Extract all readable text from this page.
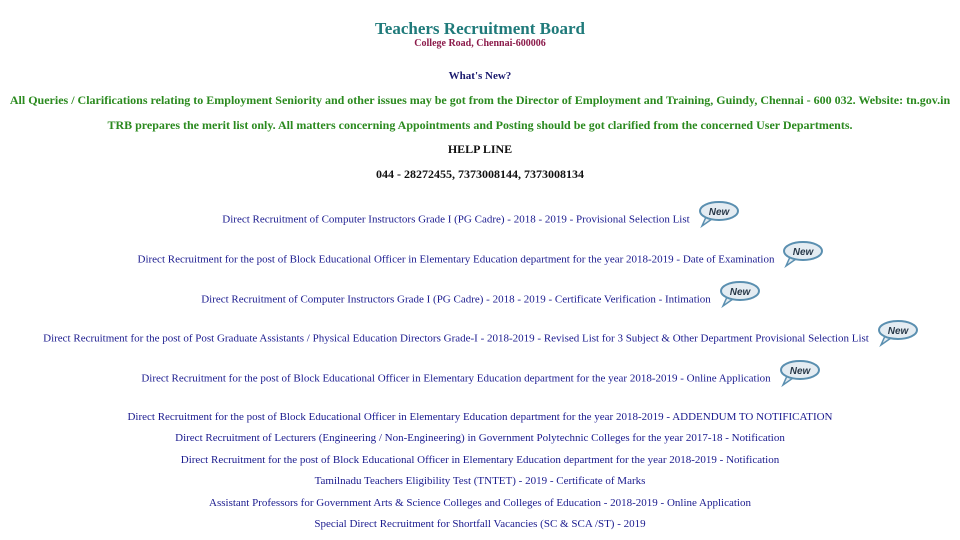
Teachers Recruitment Board
College Road, Chennai-600006
What's New?
All Queries / Clarifications relating to Employment Seniority and other issues may be got from the Director of Employment and Training, Guindy, Chennai - 600 032. Website: tn.gov.in
TRB prepares the merit list only. All matters concerning Appointments and Posting should be got clarified from the concerned User Departments.
HELP LINE
044 - 28272455, 7373008144, 7373008134
Direct Recruitment of Computer Instructors Grade I (PG Cadre) - 2018 - 2019 - Provisional Selection List
New
Direct Recruitment for the post of Block Educational Officer in Elementary Education department for the year 2018-2019 - Date of Examination
New
Direct Recruitment of Computer Instructors Grade I (PG Cadre) - 2018 - 2019 - Certificate Verification - Intimation
New
Direct Recruitment for the post of Post Graduate Assistants / Physical Education Directors Grade-I - 2018-2019 - Revised List for 3 Subject & Other Department Provisional Selection List
New
Direct Recruitment for the post of Block Educational Officer in Elementary Education department for the year 2018-2019 - Online Application
New
Direct Recruitment for the post of Block Educational Officer in Elementary Education department for the year 2018-2019 - ADDENDUM TO NOTIFICATION
Direct Recruitment of Lecturers (Engineering / Non-Engineering) in Government Polytechnic Colleges for the year 2017-18 - Notification
Direct Recruitment for the post of Block Educational Officer in Elementary Education department for the year 2018-2019 - Notification
Tamilnadu Teachers Eligibility Test (TNTET) - 2019 - Certificate of Marks
Assistant Professors for Government Arts & Science Colleges and Colleges of Education - 2018-2019 - Online Application
Special Direct Recruitment for Shortfall Vacancies (SC & SCA /ST) - 2019
